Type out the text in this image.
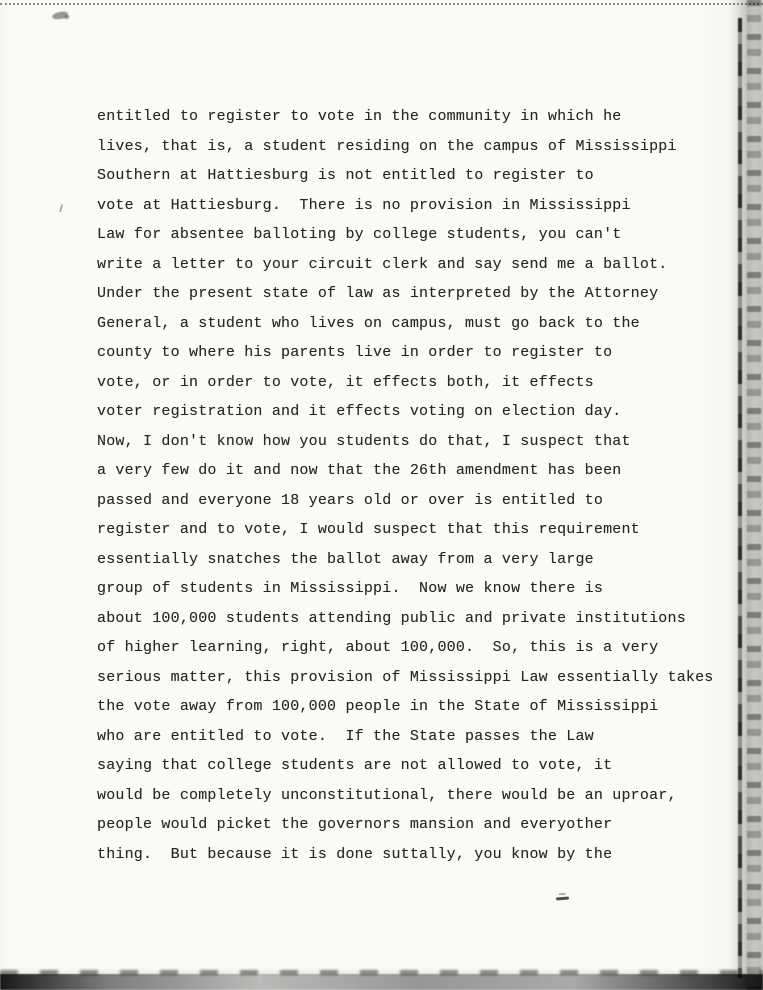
entitled to register to vote in the community in which he

lives, that is, a student residing on the campus of Mississippi

Southern at Hattiesburg is not entitled to register to

vote at Hattiesburg.  There is no provision in Mississippi

Law for absentee balloting by college students, you can't

write a letter to your circuit clerk and say send me a ballot.

Under the present state of law as interpreted by the Attorney

General, a student who lives on campus, must go back to the

county to where his parents live in order to register to

vote, or in order to vote, it effects both, it effects

voter registration and it effects voting on election day.

Now, I don't know how you students do that, I suspect that

a very few do it and now that the 26th amendment has been

passed and everyone 18 years old or over is entitled to

register and to vote, I would suspect that this requirement

essentially snatches the ballot away from a very large

group of students in Mississippi.  Now we know there is

about 100,000 students attending public and private institutions

of higher learning, right, about 100,000.  So, this is a very

serious matter, this provision of Mississippi Law essentially takes

the vote away from 100,000 people in the State of Mississippi

who are entitled to vote.  If the State passes the Law

saying that college students are not allowed to vote, it

would be completely unconstitutional, there would be an uproar,

people would picket the governors mansion and everyother

thing.  But because it is done suttally, you know by the
